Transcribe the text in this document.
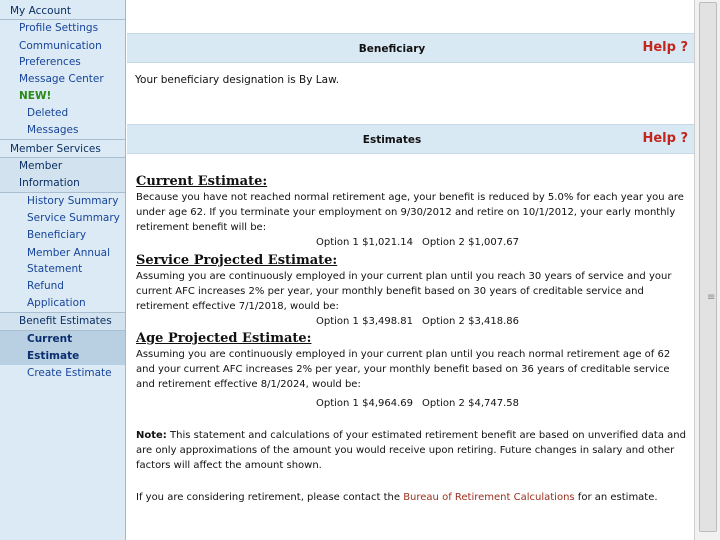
My Account
Profile Settings
Communication
Preferences
Message Center NEW!
Deleted Messages
Member Services
Member Information
History Summary
Service Summary
Beneficiary
Member Annual
Statement
Refund Application
Benefit Estimates
Current Estimate
Create Estimate
Beneficiary	Help ?
Your beneficiary designation is By Law.
Estimates	Help ?
Current Estimate:
Because you have not reached normal retirement age, your benefit is reduced by 5.0% for each year you are under age 62. If you terminate your employment on 9/30/2012 and retire on 10/1/2012, your early monthly retirement benefit will be:
Option 1 $1,021.14 Option 2 $1,007.67
Service Projected Estimate:
Assuming you are continuously employed in your current plan until you reach 30 years of service and your current AFC increases 2% per year, your monthly benefit based on 30 years of creditable service and retirement effective 7/1/2018, would be:
Option 1 $3,498.81 Option 2 $3,418.86
Age Projected Estimate:
Assuming you are continuously employed in your current plan until you reach normal retirement age of 62 and your current AFC increases 2% per year, your monthly benefit based on 36 years of creditable service and retirement effective 8/1/2024, would be:
Option 1 $4,964.69 Option 2 $4,747.58

Note: This statement and calculations of your estimated retirement benefit are based on unverified data and are only approximations of the amount you would receive upon retiring. Future changes in salary and other factors will affect the amount shown.

If you are considering retirement, please contact the Bureau of Retirement Calculations for an estimate.

≡
